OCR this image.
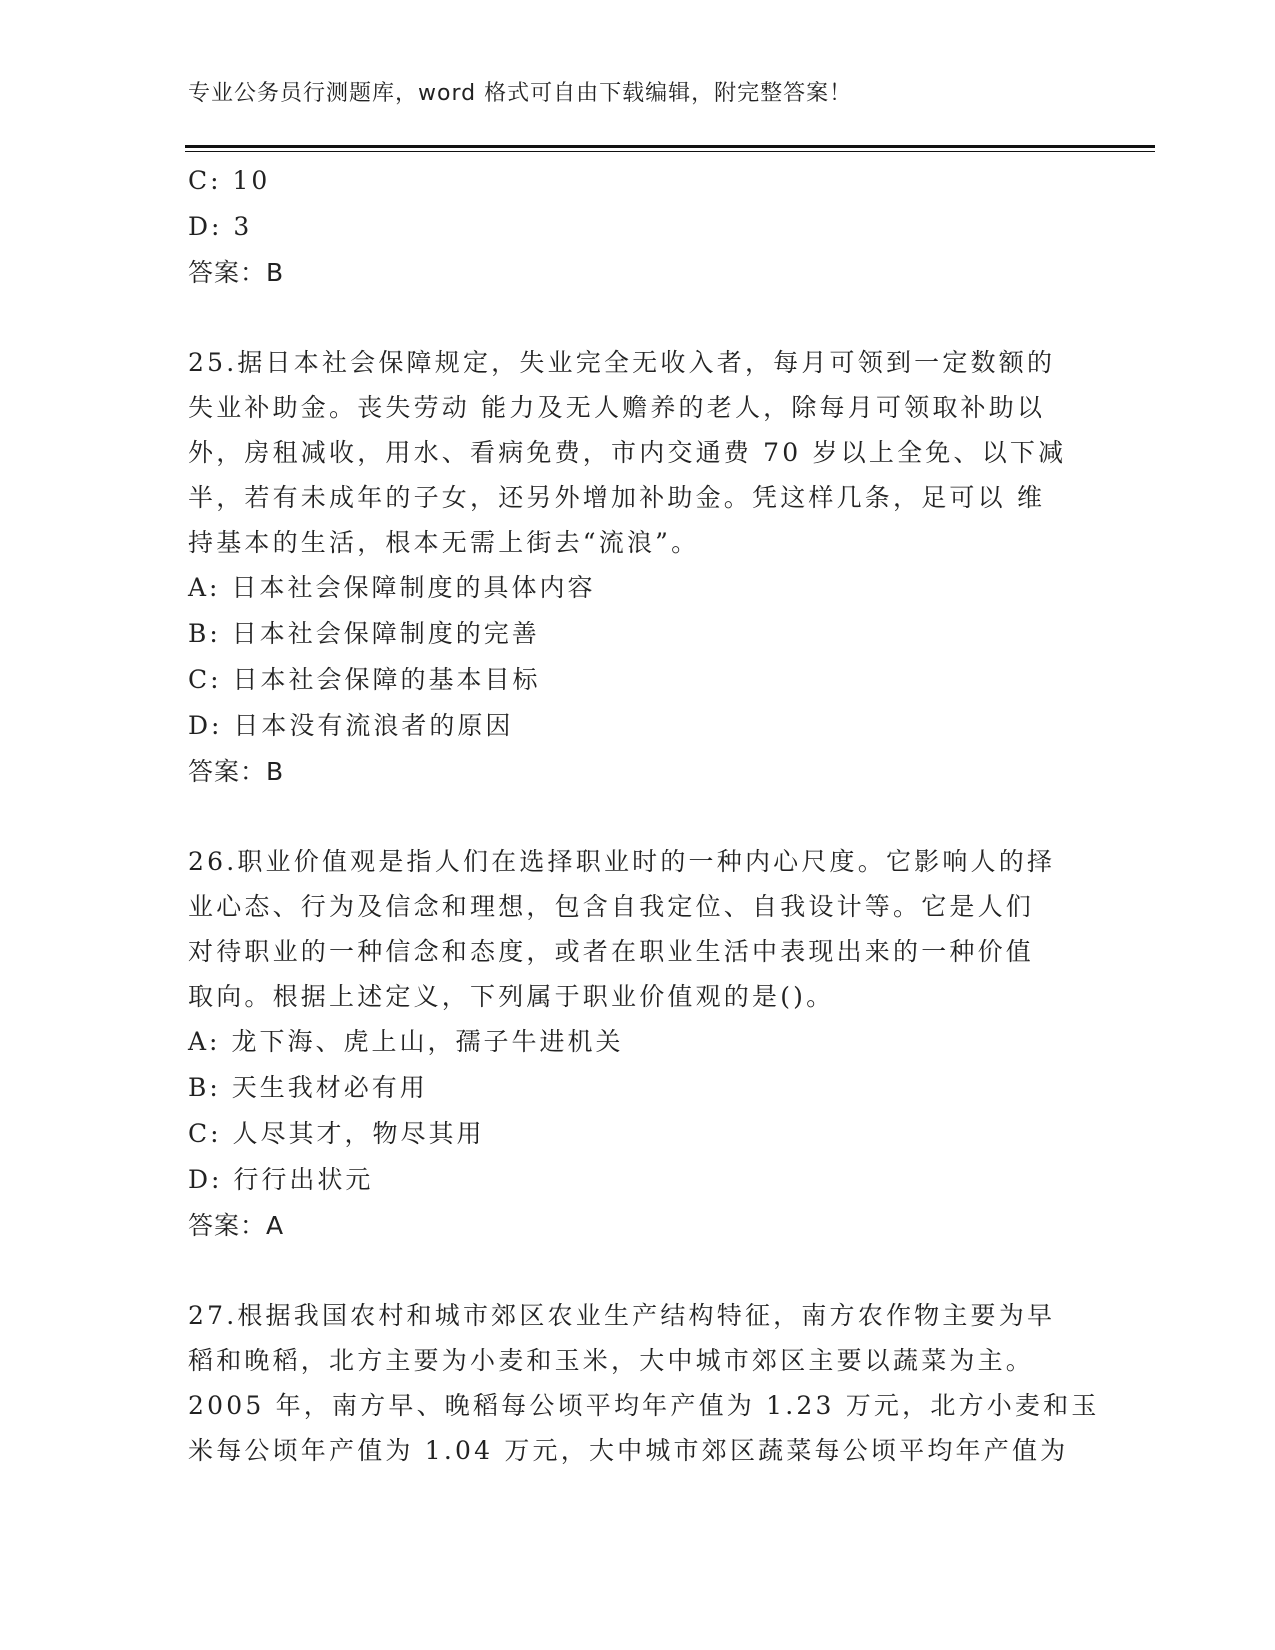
专业公务员行测题库，word 格式可自由下载编辑，附完整答案！
C: 10
D: 3
答案：B
25.据日本社会保障规定，失业完全无收入者，每月可领到一定数额的
失业补助金。丧失劳动 能力及无人赡养的老人，除每月可领取补助以
外，房租减收，用水、看病免费，市内交通费 70 岁以上全免、以下减
半，若有未成年的子女，还另外增加补助金。凭这样几条，足可以 维
持基本的生活，根本无需上街去“流浪”。
A: 日本社会保障制度的具体内容
B: 日本社会保障制度的完善
C: 日本社会保障的基本目标
D: 日本没有流浪者的原因
答案：B
26.职业价值观是指人们在选择职业时的一种内心尺度。它影响人的择
业心态、行为及信念和理想，包含自我定位、自我设计等。它是人们
对待职业的一种信念和态度，或者在职业生活中表现出来的一种价值
取向。根据上述定义，下列属于职业价值观的是()。
A: 龙下海、虎上山，孺子牛进机关
B: 天生我材必有用
C: 人尽其才，物尽其用
D: 行行出状元
答案：A
27.根据我国农村和城市郊区农业生产结构特征，南方农作物主要为早
稻和晚稻，北方主要为小麦和玉米，大中城市郊区主要以蔬菜为主。
2005 年，南方早、晚稻每公顷平均年产值为 1.23 万元，北方小麦和玉
米每公顷年产值为 1.04 万元，大中城市郊区蔬菜每公顷平均年产值为
